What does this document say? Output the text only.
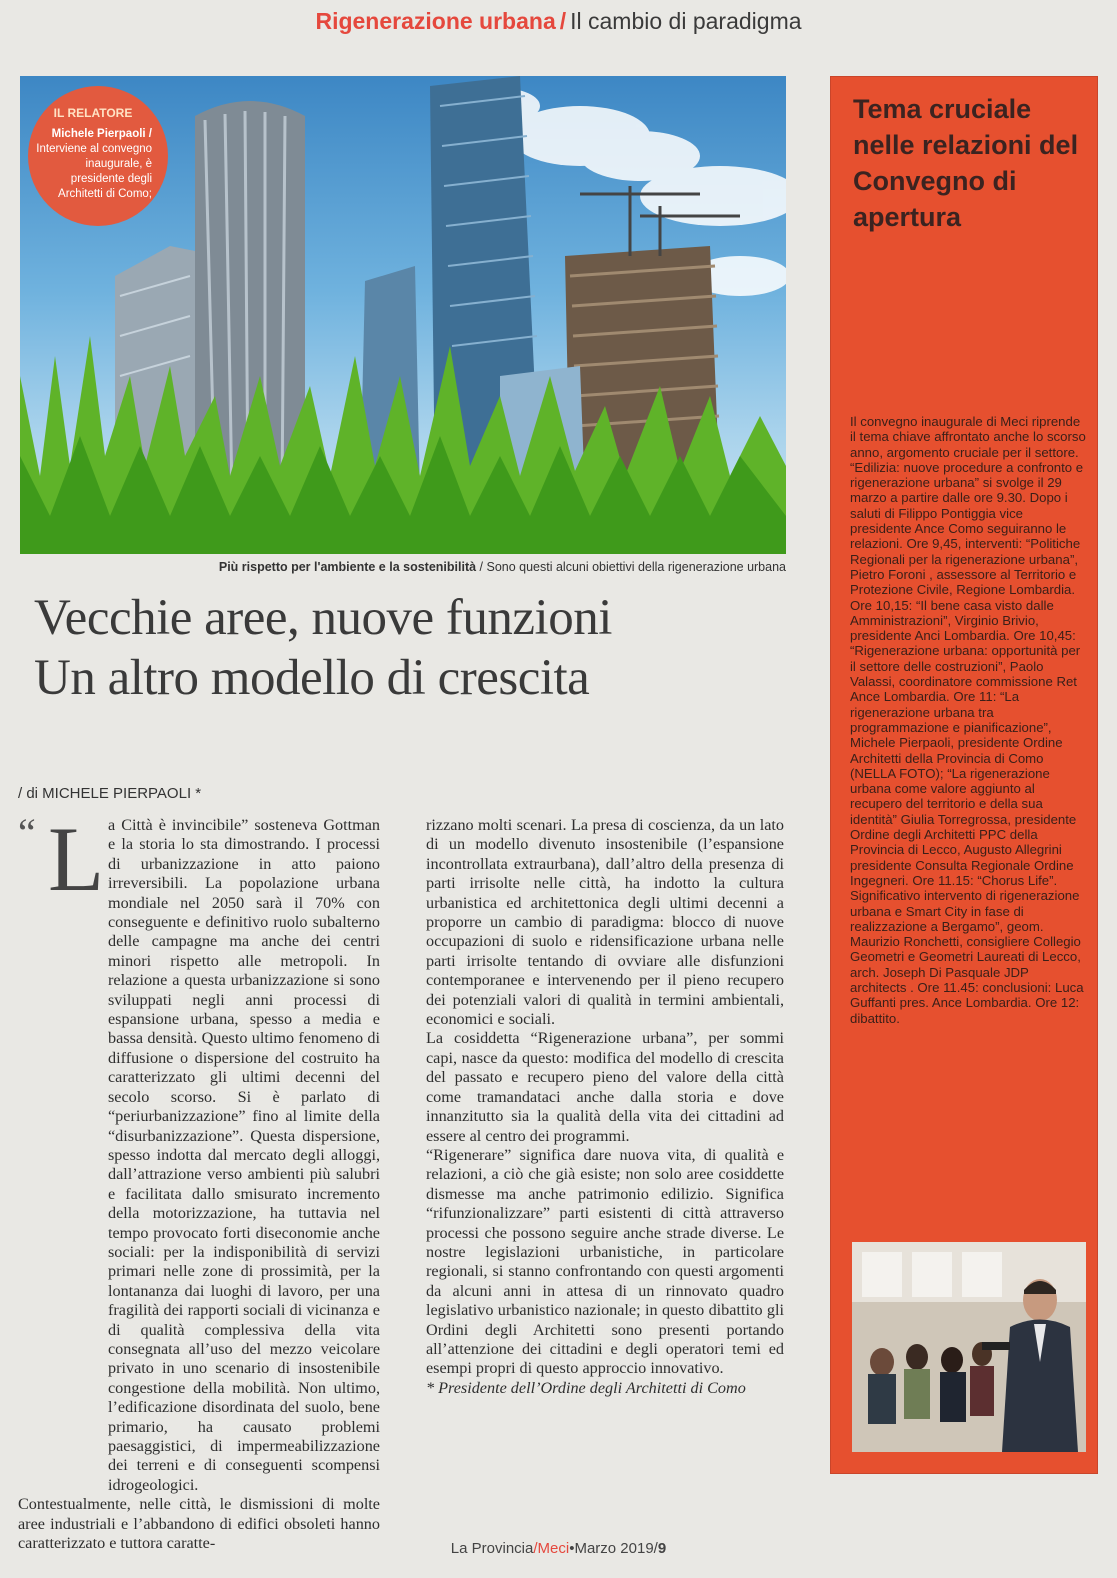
Rigenerazione urbana / Il cambio di paradigma
IL RELATORE
Michele Pierpaoli / Interviene al convegno inaugurale, è presidente degli Architetti di Como;
Più rispetto per l'ambiente e la sostenibilità / Sono questi alcuni obiettivi della rigenerazione urbana
Vecchie aree, nuove funzioni
Un altro modello di crescita
/ di MICHELE PIERPAOLI *
“ L a Città è invincibile” sosteneva Gottman e la storia lo sta dimostrando. I processi di urbanizzazione in atto paiono irreversibili. La popolazione urbana mondiale nel 2050 sarà il 70% con conseguente e definitivo ruolo subalterno delle campagne ma anche dei centri minori rispetto alle metropoli. In relazione a questa urbanizzazione si sono sviluppati negli anni processi di espansione urbana, spesso a media e bassa densità. Questo ultimo fenomeno di diffusione o dispersione del costruito ha caratterizzato gli ultimi decenni del secolo scorso. Si è parlato di “periurbanizzazione” fino al limite della “disurbanizzazione”. Questa dispersione, spesso indotta dal mercato degli alloggi, dall’attrazione verso ambienti più salubri e facilitata dallo smisurato incremento della motorizzazione, ha tuttavia nel tempo provocato forti diseconomie anche sociali: per la indisponibilità di servizi primari nelle zone di prossimità, per la lontananza dai luoghi di lavoro, per una fragilità dei rapporti sociali di vicinanza e di qualità complessiva della vita consegnata all’uso del mezzo veicolare privato in uno scenario di insostenibile congestione della mobilità. Non ultimo, l’edificazione disordinata del suolo, bene primario, ha causato problemi paesaggistici, di impermeabilizzazione dei terreni e di conseguenti scompensi idrogeologici.

Contestualmente, nelle città, le dismissioni di molte aree industriali e l’abbandono di edifici obsoleti hanno caratterizzato e tuttora caratte-

rizzano molti scenari. La presa di coscienza, da un lato di un modello divenuto insostenibile (l’espansione incontrollata extraurbana), dall’altro della presenza di parti irrisolte nelle città, ha indotto la cultura urbanistica ed architettonica degli ultimi decenni a proporre un cambio di paradigma: blocco di nuove occupazioni di suolo e ridensificazione urbana nelle parti irrisolte tentando di ovviare alle disfunzioni contemporanee e intervenendo per il pieno recupero dei potenziali valori di qualità in termini ambientali, economici e sociali.

La cosiddetta “Rigenerazione urbana”, per sommi capi, nasce da questo: modifica del modello di crescita del passato e recupero pieno del valore della città come tramandataci anche dalla storia e dove innanzitutto sia la qualità della vita dei cittadini ad essere al centro dei programmi.

“Rigenerare” significa dare nuova vita, di qualità e relazioni, a ciò che già esiste; non solo aree cosiddette dismesse ma anche patrimonio edilizio. Significa “rifunzionalizzare” parti esistenti di città attraverso processi che possono seguire anche strade diverse. Le nostre legislazioni urbanistiche, in particolare regionali, si stanno confrontando con questi argomenti da alcuni anni in attesa di un rinnovato quadro legislativo urbanistico nazionale; in questo dibattito gli Ordini degli Architetti sono presenti portando all’attenzione dei cittadini e degli operatori temi ed esempi propri di questo approccio innovativo.

* Presidente dell’Ordine degli Architetti di Como

Tema cruciale nelle relazioni del Convegno di apertura
Il convegno inaugurale di Meci riprende il tema chiave affrontato anche lo scorso anno, argomento cruciale per il settore. “Edilizia: nuove procedure a confronto e rigenerazione urbana” si svolge il 29 marzo a partire dalle ore 9.30. Dopo i saluti di Filippo Pontiggia vice presidente Ance Como seguiranno le relazioni. Ore 9,45, interventi: “Politiche Regionali per la rigenerazione urbana”, Pietro Foroni , assessore al Territorio e Protezione Civile, Regione Lombardia. Ore 10,15: “Il bene casa visto dalle Amministrazioni”, Virginio Brivio, presidente Anci Lombardia. Ore 10,45: “Rigenerazione urbana: opportunità per il settore delle costruzioni”, Paolo Valassi, coordinatore commissione Ret Ance Lombardia. Ore 11: “La rigenerazione urbana tra programmazione e pianificazione”, Michele Pierpaoli, presidente Ordine Architetti della Provincia di Como (NELLA FOTO); “La rigenerazione urbana come valore aggiunto al recupero del territorio e della sua identità” Giulia Torregrossa, presidente Ordine degli Architetti PPC della Provincia di Lecco, Augusto Allegrini presidente Consulta Regionale Ordine Ingegneri. Ore 11.15: “Chorus Life”. Significativo intervento di rigenerazione urbana e Smart City in fase di realizzazione a Bergamo”, geom. Maurizio Ronchetti, consigliere Collegio Geometri e Geometri Laureati di Lecco, arch. Joseph Di Pasquale JDP architects . Ore 11.45: conclusioni: Luca Guffanti pres. Ance Lombardia. Ore 12: dibattito.
La Provincia/Meci•Marzo 2019/9
